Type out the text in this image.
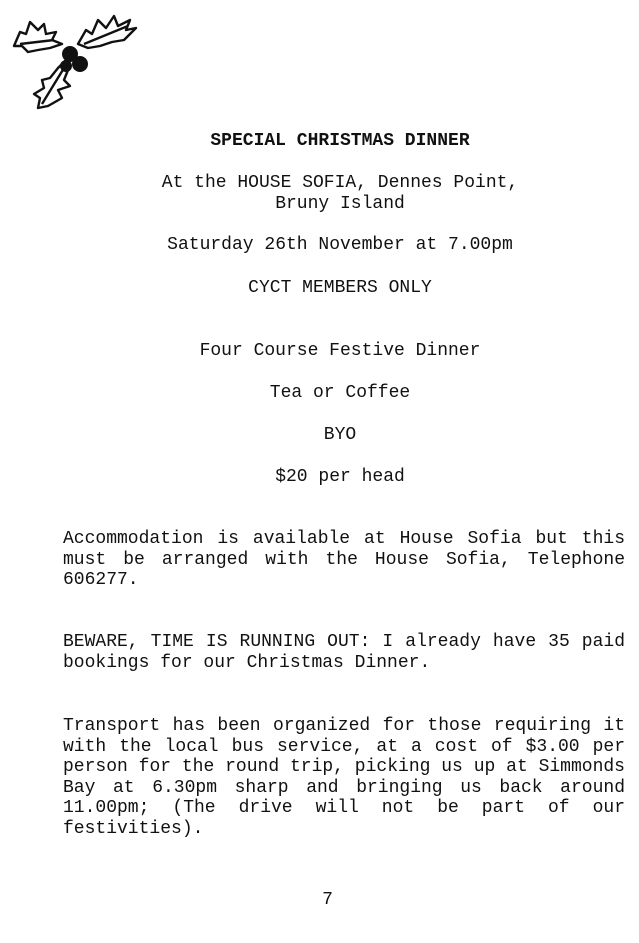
SPECIAL CHRISTMAS DINNER
At the HOUSE SOFIA, Dennes Point,
Bruny Island
Saturday 26th November at 7.00pm
CYCT MEMBERS ONLY
Four Course Festive Dinner
Tea or Coffee
BYO
$20 per head
Accommodation is available at House Sofia but this must be arranged with the House Sofia, Telephone 606277.
BEWARE, TIME IS RUNNING OUT: I already have 35 paid bookings for our Christmas Dinner.
Transport has been organized for those requiring it with the local bus service, at a cost of $3.00 per person for the round trip, picking us up at Simmonds Bay at 6.30pm sharp and bringing us back around 11.00pm; (The drive will not be part of our festivities).
7
